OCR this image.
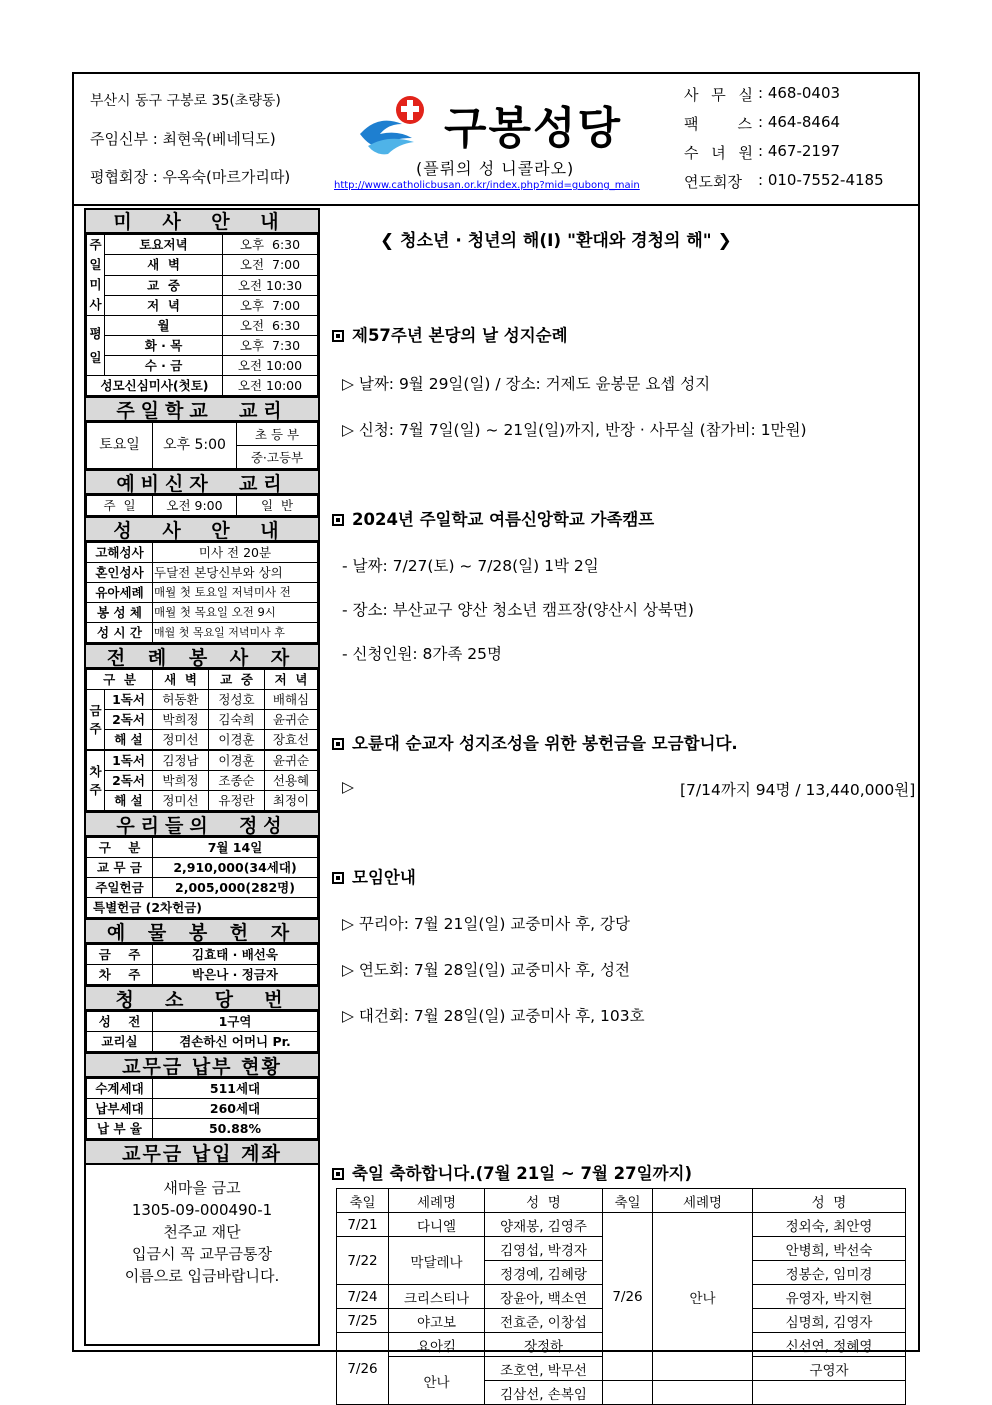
부산시 동구 구봉로 35(초량동)
주임신부 : 최현욱(베네딕도)
평협회장 : 우옥숙(마르가리따)
구봉성당
(플뤼의 성 니콜라오)
http://www.catholicbusan.or.kr/index.php?mid=gubong_main
사 무 실 : 468-0403
팩    스 : 464-8464
수 녀 원 : 467-2197
연도회장	: 010-7552-4185
미 사 안 내
주일미사	토요저녁	오후  6:30
	새  벽	오전  7:00
	교  중	오전 10:30
	저  녁	오후  7:00
평일	월	오전  6:30
	화 · 목	오후  7:30
	수 · 금	오전 10:00
성모신심미사(첫토)		오전 10:00
주일학교  교리
토요일	오후 5:00	초 등 부
중·고등부
예비신자  교리
주  일	오전 9:00	일  반
성 사 안 내
고해성사	미사 전 20분
혼인성사	두달전 본당신부와 상의
유아세례	매월 첫 토요일 저녁미사 전
봉 성 체	매월 첫 목요일 오전 9시
성 시 간	매월 첫 목요일 저녁미사 후
전 례 봉 사 자
구  분		새  벽	교  중	저  녁
금주	1독서	허동환	정성호	배해심
	2독서	박희정	김숙희	윤귀순
	해 설	정미선	이경훈	장효선
차주	1독서	김정남	이경훈	윤귀순
	2독서	박희정	조종순	선용혜
	해 설	정미선	유정란	최정이
우리들의  정성
구    분	7월 14일
교 무 금	2,910,000(34세대)
주일헌금	2,005,000(282명)
특별헌금 (2차헌금)	
예 물 봉 헌 자
금    주	김효태 · 배선욱
차    주	박은나 · 정금자
청  소  당  번
성    전	1구역
교리실	겸손하신 어머니 Pr.
교무금 납부 현황
수계세대	511세대
납부세대	260세대
납 부 율	50.88%
교무금 납입 계좌
새마을 금고
1305-09-000490-1
천주교 재단
입금시 꼭 교무금통장
이름으로 입금바랍니다.
❮ 청소년 · 청년의 해(Ⅰ) "환대와 경청의 해" ❯
제57주년 본당의 날 성지순례
▷ 날짜: 9월 29일(일) / 장소: 거제도 윤봉문 요셉 성지
▷ 신청: 7월 7일(일) ~ 21일(일)까지, 반장 · 사무실 (참가비: 1만원)
2024년 주일학교 여름신앙학교 가족캠프
- 날짜: 7/27(토) ~ 7/28(일) 1박 2일
- 장소: 부산교구 양산 청소년 캠프장(양산시 상북면)
- 신청인원: 8가족 25명
오륜대 순교자 성지조성을 위한 봉헌금을 모금합니다.
▷	[7/14까지 94명 / 13,440,000원]
모임안내
▷ 꾸리아: 7월 21일(일) 교중미사 후, 강당
▷ 연도회: 7월 28일(일) 교중미사 후, 성전
▷ 대건회: 7월 28일(일) 교중미사 후, 103호
축일 축하합니다.(7월 21일 ~ 7월 27일까지)
축일	세례명	성  명	축일	세례명	성  명
7/21	다니엘	양재봉, 김영주	7/26	안나	정외숙, 최안영
7/22	막달레나	김영섭, 박경자			안병희, 박선숙
		정경예, 김혜랑			정봉순, 임미경
7/24	크리스티나	장윤아, 백소연			유영자, 박지현
7/25	야고보	전효준, 이창섭			심명희, 김영자
7/26	요아킴	장정하			신선연, 정혜영
	안나	조호연, 박무선			구영자
		김삼선, 손복임			
